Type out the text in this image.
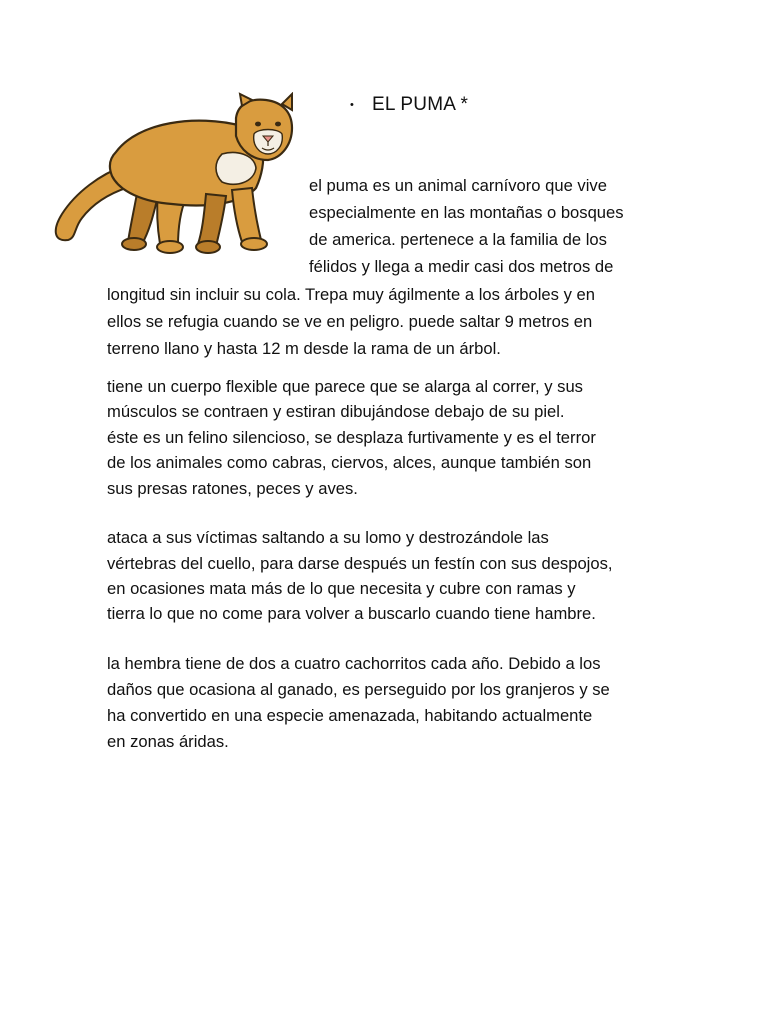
• EL PUMA *
el puma es un animal carnívoro que vive
especialmente en las montañas o bosques
de america. pertenece a la familia de los
félidos y llega a medir casi dos metros de
longitud sin incluir su cola. Trepa muy ágilmente a los árboles y en
ellos se refugia cuando se ve en peligro. puede saltar 9 metros en
terreno llano y hasta 12 m desde la rama de un árbol.
tiene un cuerpo flexible que parece que se alarga al correr, y sus
músculos se contraen y estiran dibujándose debajo de su piel.
éste es un felino silencioso, se desplaza furtivamente y es el terror
de los animales como cabras, ciervos, alces, aunque también son
sus presas ratones, peces y aves.
ataca a sus víctimas saltando a su lomo y destrozándole las
vértebras del cuello, para darse después un festín con sus despojos,
en ocasiones mata más de lo que necesita y cubre con ramas y
tierra lo que no come para volver a buscarlo cuando tiene hambre.
la hembra tiene de dos a cuatro cachorritos cada año. Debido a los
daños que ocasiona al ganado, es perseguido por los granjeros y se
ha convertido en una especie amenazada, habitando actualmente
en zonas áridas.
